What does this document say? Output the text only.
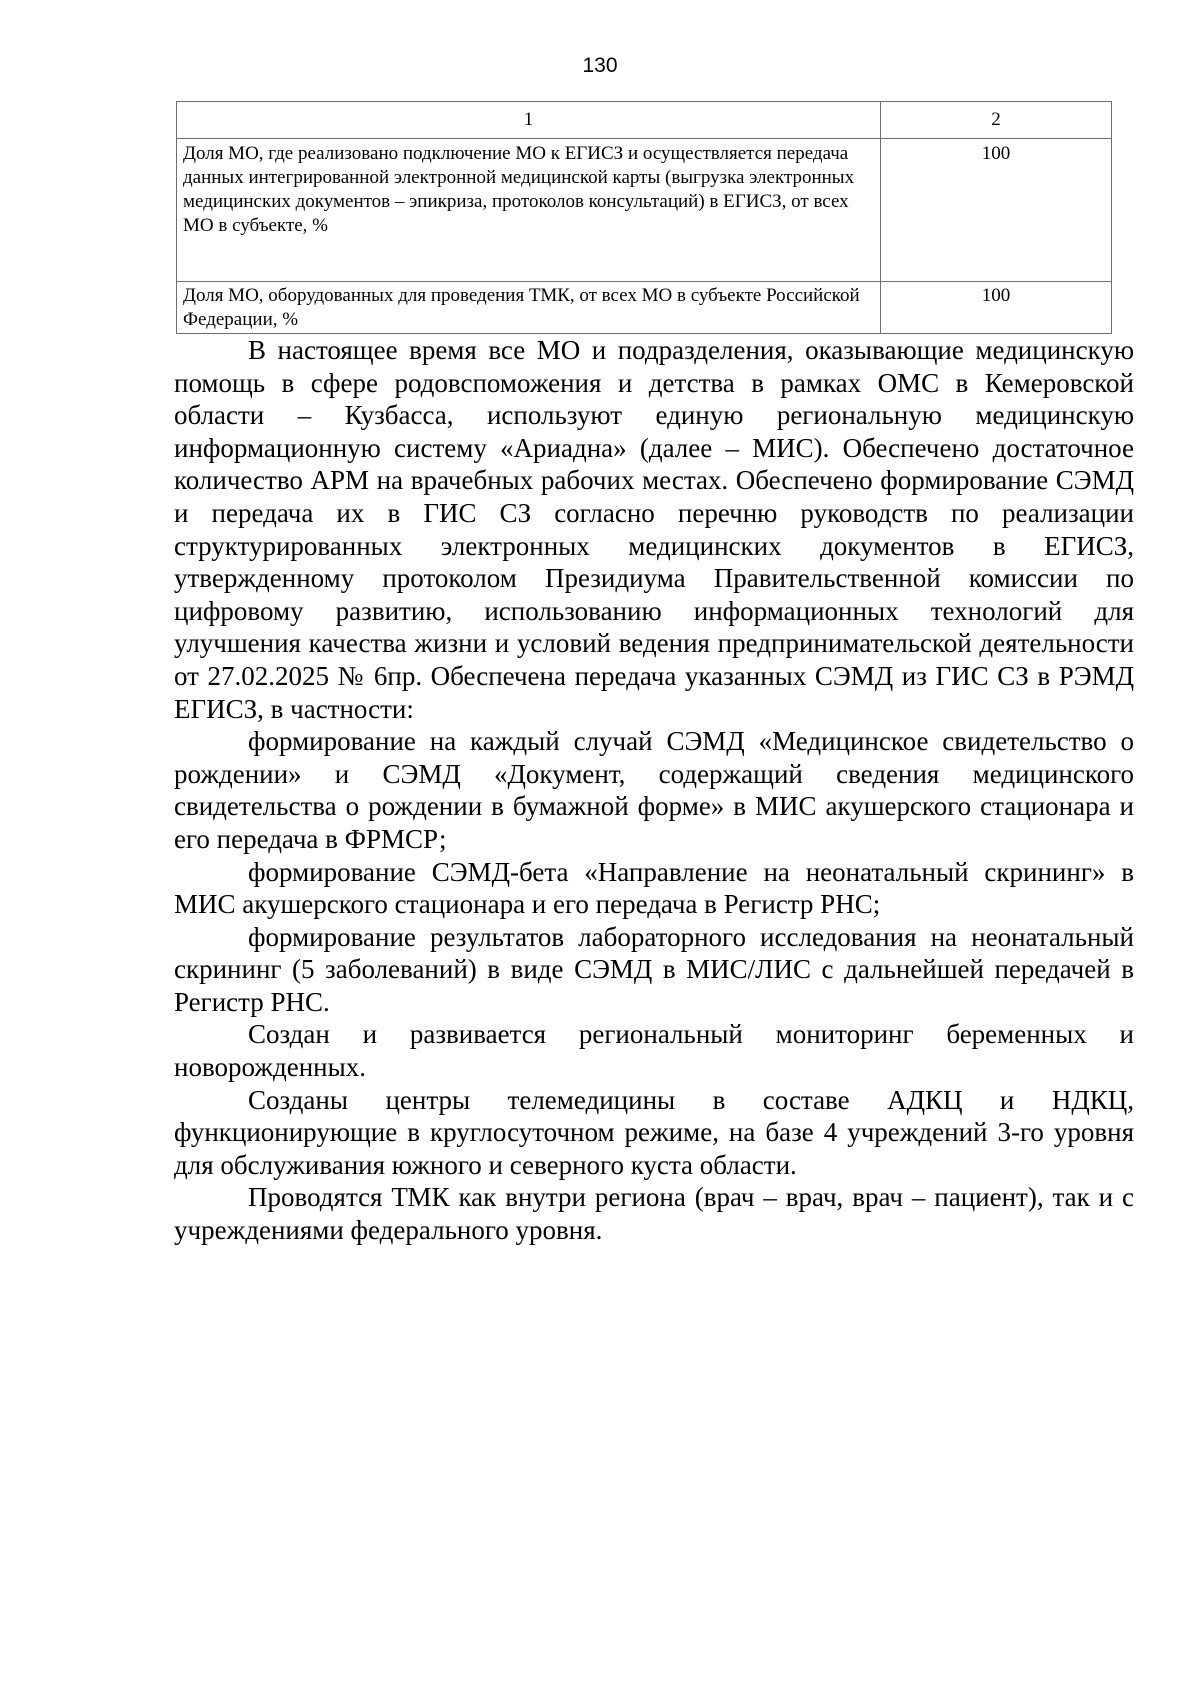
130
1	2
Доля МО, где реализовано подключение МО к ЕГИСЗ и осуществляется передача данных интегрированной электронной медицинской карты (выгрузка электронных медицинских документов – эпикриза, протоколов консультаций) в ЕГИСЗ, от всех МО в субъекте, %	100
Доля МО, оборудованных для проведения ТМК, от всех МО в субъекте Российской Федерации, %	100

В настоящее время все МО и подразделения, оказывающие медицинскую помощь в сфере родовспоможения и детства в рамках ОМС в Кемеровской области – Кузбасса, используют единую региональную медицинскую информационную систему «Ариадна» (далее – МИС). Обеспечено достаточное количество АРМ на врачебных рабочих местах. Обеспечено формирование СЭМД и передача их в ГИС СЗ согласно перечню руководств по реализации структурированных электронных медицинских документов в ЕГИСЗ, утвержденному протоколом Президиума Правительственной комиссии по цифровому развитию, использованию информационных технологий для улучшения качества жизни и условий ведения предпринимательской деятельности от 27.02.2025 № 6пр. Обеспечена передача указанных СЭМД из ГИС СЗ в РЭМД ЕГИСЗ, в частности:

формирование на каждый случай СЭМД «Медицинское свидетельство о рождении» и СЭМД «Документ, содержащий сведения медицинского свидетельства о рождении в бумажной форме» в МИС акушерского стационара и его передача в ФРМСР;

формирование СЭМД-бета «Направление на неонатальный скрининг» в МИС акушерского стационара и его передача в Регистр РНС;

формирование результатов лабораторного исследования на неонатальный скрининг (5 заболеваний) в виде СЭМД в МИС/ЛИС с дальнейшей передачей в Регистр РНС.

Создан и развивается региональный мониторинг беременных и новорожденных.

Созданы центры телемедицины в составе АДКЦ и НДКЦ, функционирующие в круглосуточном режиме, на базе 4 учреждений 3-го уровня для обслуживания южного и северного куста области.

Проводятся ТМК как внутри региона (врач – врач, врач – пациент), так и с учреждениями федерального уровня.
